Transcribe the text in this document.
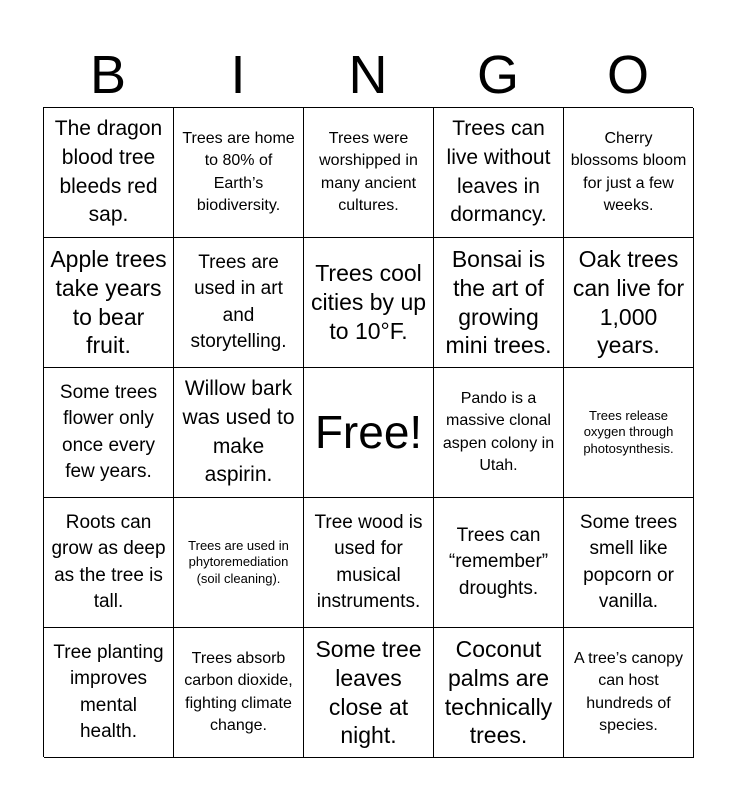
B	I	N	G	O
The dragon blood tree bleeds red sap.
Trees are home to 80% of Earth’s biodiversity.
Trees were worshipped in many ancient cultures.
Trees can live without leaves in dormancy.
Cherry blossoms bloom for just a few weeks.
Apple trees take years to bear fruit.
Trees are used in art and storytelling.
Trees cool cities by up to 10°F.
Bonsai is the art of growing mini trees.
Oak trees can live for 1,000 years.
Some trees flower only once every few years.
Willow bark was used to make aspirin.
Free!
Pando is a massive clonal aspen colony in Utah.
Trees release oxygen through photosynthesis.
Roots can grow as deep as the tree is tall.
Trees are used in phytoremediation (soil cleaning).
Tree wood is used for musical instruments.
Trees can “remember” droughts.
Some trees smell like popcorn or vanilla.
Tree planting improves mental health.
Trees absorb carbon dioxide, fighting climate change.
Some tree leaves close at night.
Coconut palms are technically trees.
A tree’s canopy can host hundreds of species.
